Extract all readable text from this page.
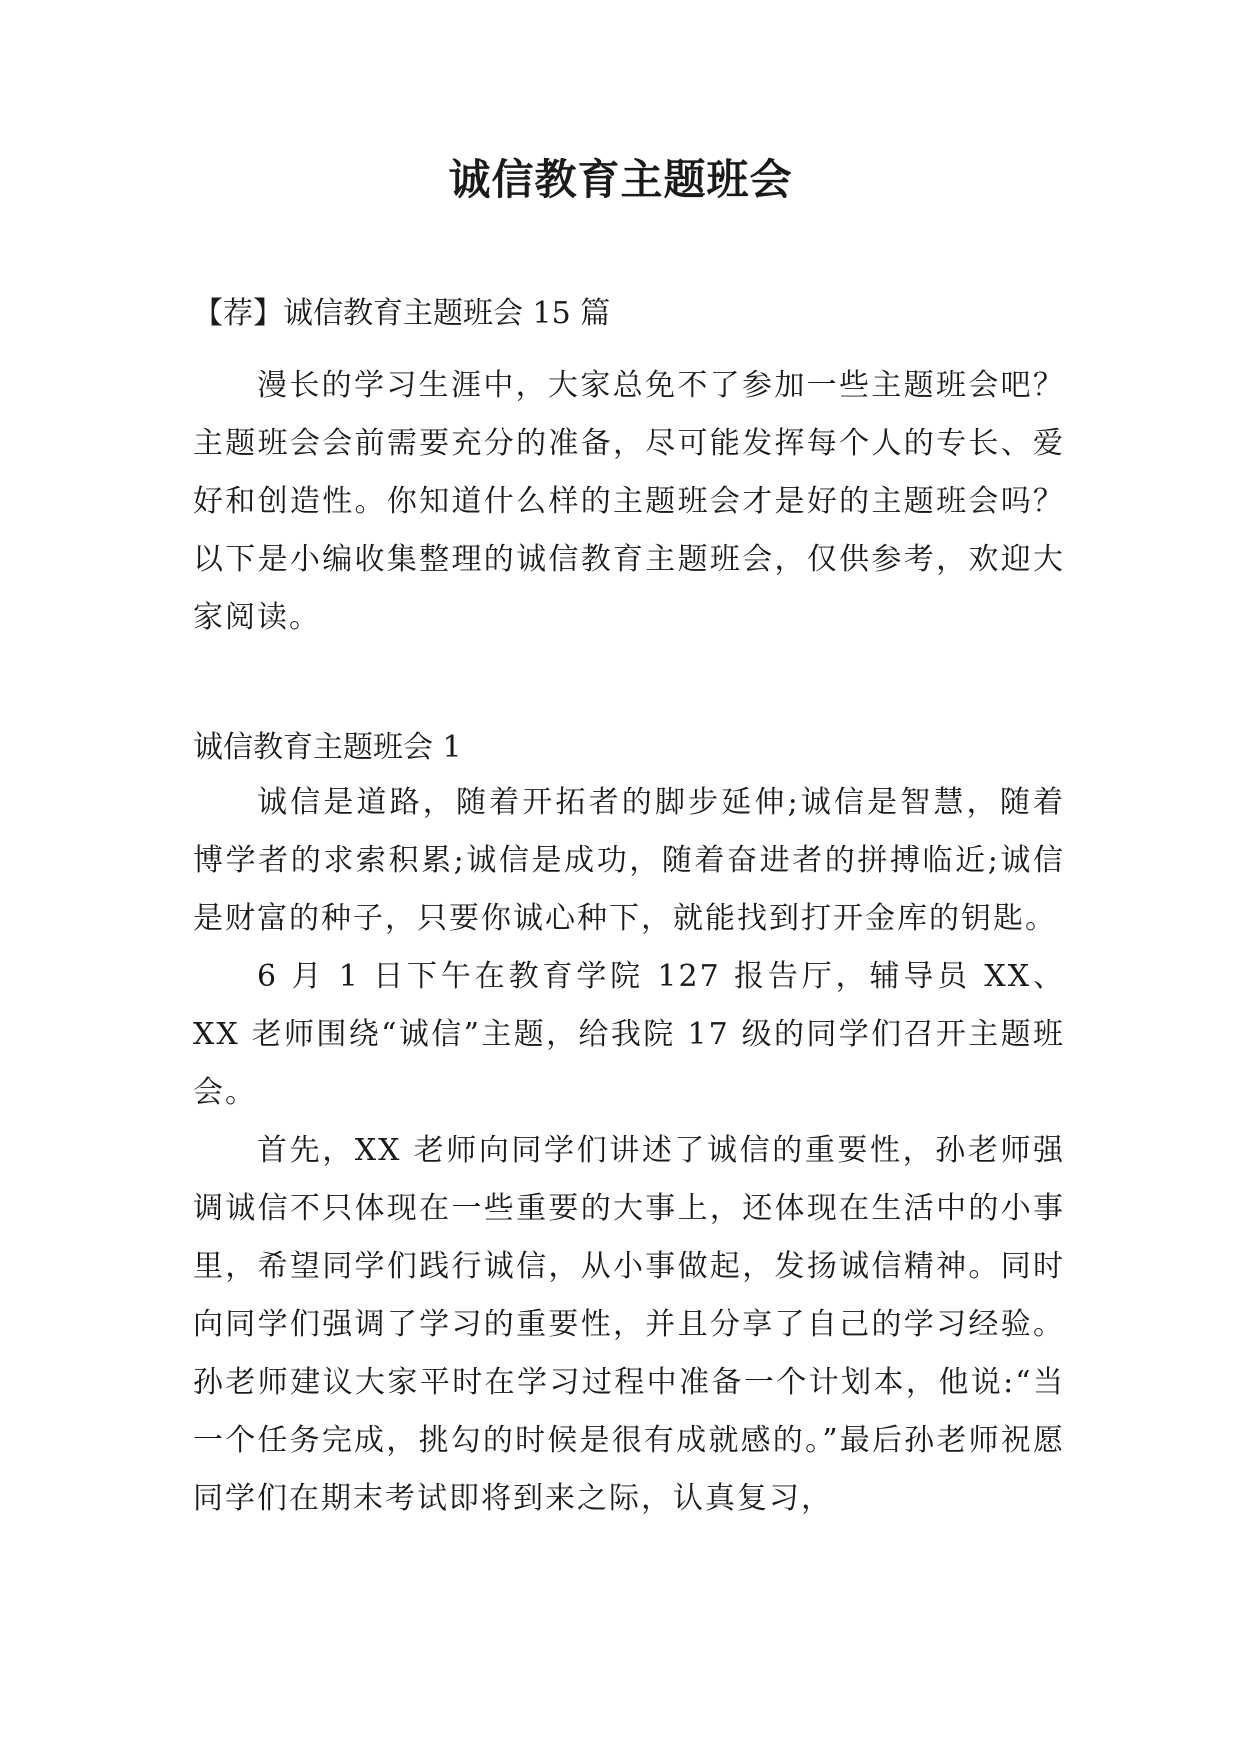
诚信教育主题班会

【荐】诚信教育主题班会 15 篇

漫长的学习生涯中，大家总免不了参加一些主题班会吧？主题班会会前需要充分的准备，尽可能发挥每个人的专长、爱好和创造性。你知道什么样的主题班会才是好的主题班会吗？以下是小编收集整理的诚信教育主题班会，仅供参考，欢迎大家阅读。

诚信教育主题班会 1

诚信是道路，随着开拓者的脚步延伸;诚信是智慧，随着博学者的求索积累;诚信是成功，随着奋进者的拼搏临近;诚信是财富的种子，只要你诚心种下，就能找到打开金库的钥匙。

6 月 1 日下午在教育学院 127 报告厅，辅导员 XX、XX 老师围绕“诚信”主题，给我院 17 级的同学们召开主题班会。

首先，XX 老师向同学们讲述了诚信的重要性，孙老师强调诚信不只体现在一些重要的大事上，还体现在生活中的小事里，希望同学们践行诚信，从小事做起，发扬诚信精神。同时向同学们强调了学习的重要性，并且分享了自己的学习经验。孙老师建议大家平时在学习过程中准备一个计划本，他说:“当一个任务完成，挑勾的时候是很有成就感的。”最后孙老师祝愿同学们在期末考试即将到来之际，认真复习，
